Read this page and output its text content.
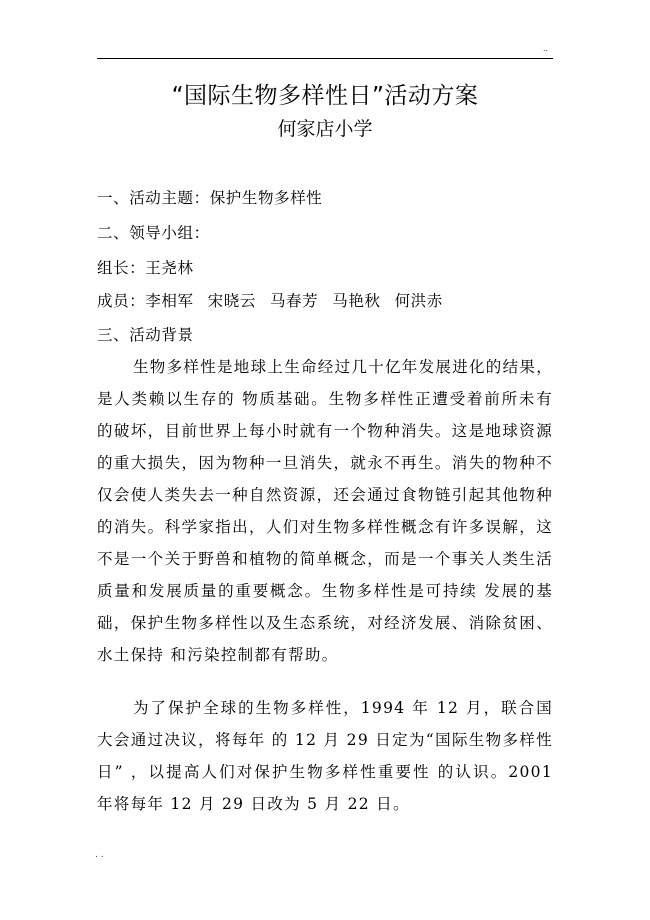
..
“国际生物多样性日”活动方案
何家店小学
一、活动主题：保护生物多样性
二、领导小组：
组长：王尧林
成员：李相军 宋晓云 马春芳 马艳秋 何洪赤
三、活动背景
生物多样性是地球上生命经过几十亿年发展进化的结果， 是人类赖以生存的 物质基础。生物多样性正遭受着前所未有的破坏，目前世界上每小时就有一个物种消失。这是地球资源的重大损失，因为物种一旦消失，就永不再生。消失的物种不仅会使人类失去一种自然资源，还会通过食物链引起其他物种的消失。科学家指出，人们对生物多样性概念有许多误解，这不是一个关于野兽和植物的简单概念，而是一个事关人类生活质量和发展质量的重要概念。生物多样性是可持续 发展的基础，保护生物多样性以及生态系统，对经济发展、消除贫困、水土保持 和污染控制都有帮助。
为了保护全球的生物多样性，1994 年 12 月，联合国大会通过决议，将每年 的 12 月 29 日定为“国际生物多样性日” ，以提高人们对保护生物多样性重要性 的认识。2001 年将每年 12 月 29 日改为 5 月 22 日。
. .
